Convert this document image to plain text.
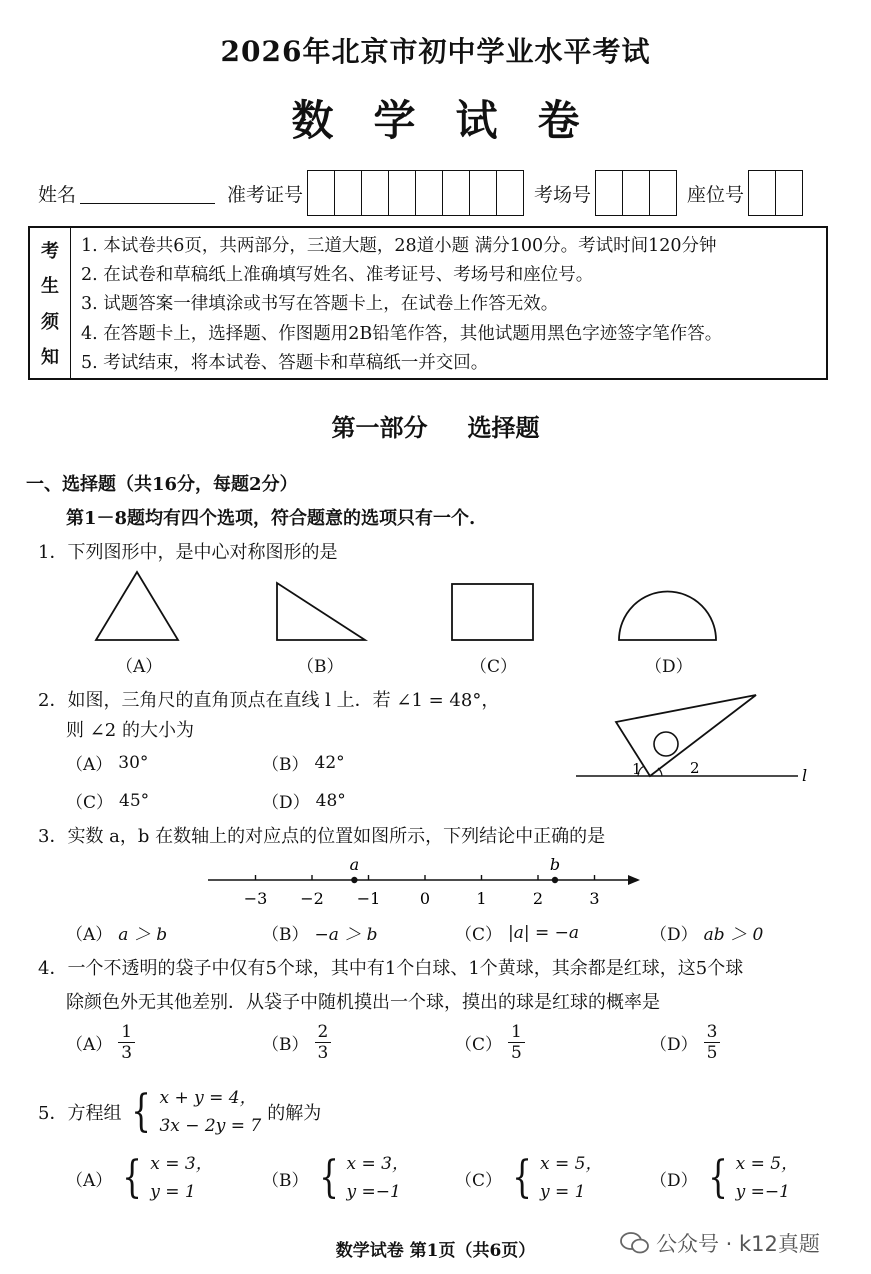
2026年北京市初中学业水平考试
数学试卷
姓名	准考证号	考场号	座位号
考
生
须
知
1. 本试卷共6页，共两部分，三道大题，28道小题 满分100分。考试时间120分钟
2. 在试卷和草稿纸上准确填写姓名、准考证号、考场号和座位号。
3. 试题答案一律填涂或书写在答题卡上，在试卷上作答无效。
4. 在答题卡上，选择题、作图题用2B铅笔作答，其他试题用黑色字迹签字笔作答。
5. 考试结束，将本试卷、答题卡和草稿纸一并交回。
第一部分 选择题
一、选择题（共16分，每题2分）
第1－8题均有四个选项，符合题意的选项只有一个.
1．下列图形中，是中心对称图形的是
（A）	（B）	（C）	（D）
2．如图，三角尺的直角顶点在直线 l 上．若 ∠1 = 48°，
则 ∠2 的大小为
（A） 30°	（B） 42°
（C） 45°	（D） 48°
1	2	l
3．实数 a，b 在数轴上的对应点的位置如图所示，下列结论中正确的是
−3 −2 −1 0	1	2	3
a	b
（A） a ＞ b	（B） −a ＞ b	（C） |a| = −a	（D） ab ＞ 0
4．一个不透明的袋子中仅有5个球，其中有1个白球、1个黄球，其余都是红球，这5个球
除颜色外无其他差别．从袋子中随机摸出一个球，摸出的球是红球的概率是
$(A) \frac{1}{3}$	$(B) \frac{2}{3}$	$(C) \frac{1}{5}$	$(D) \frac{3}{5}$
5．方程组 { x + y = 4，
3x − 2y = 7
的解为
（A） { x = 3，
y = 1
（B） { x = 3，
y =−1
（C） { x = 5，
y = 1
（D） { x = 5，
y =−1
数学试卷 第1页（共6页）	公众号 · k12真题
